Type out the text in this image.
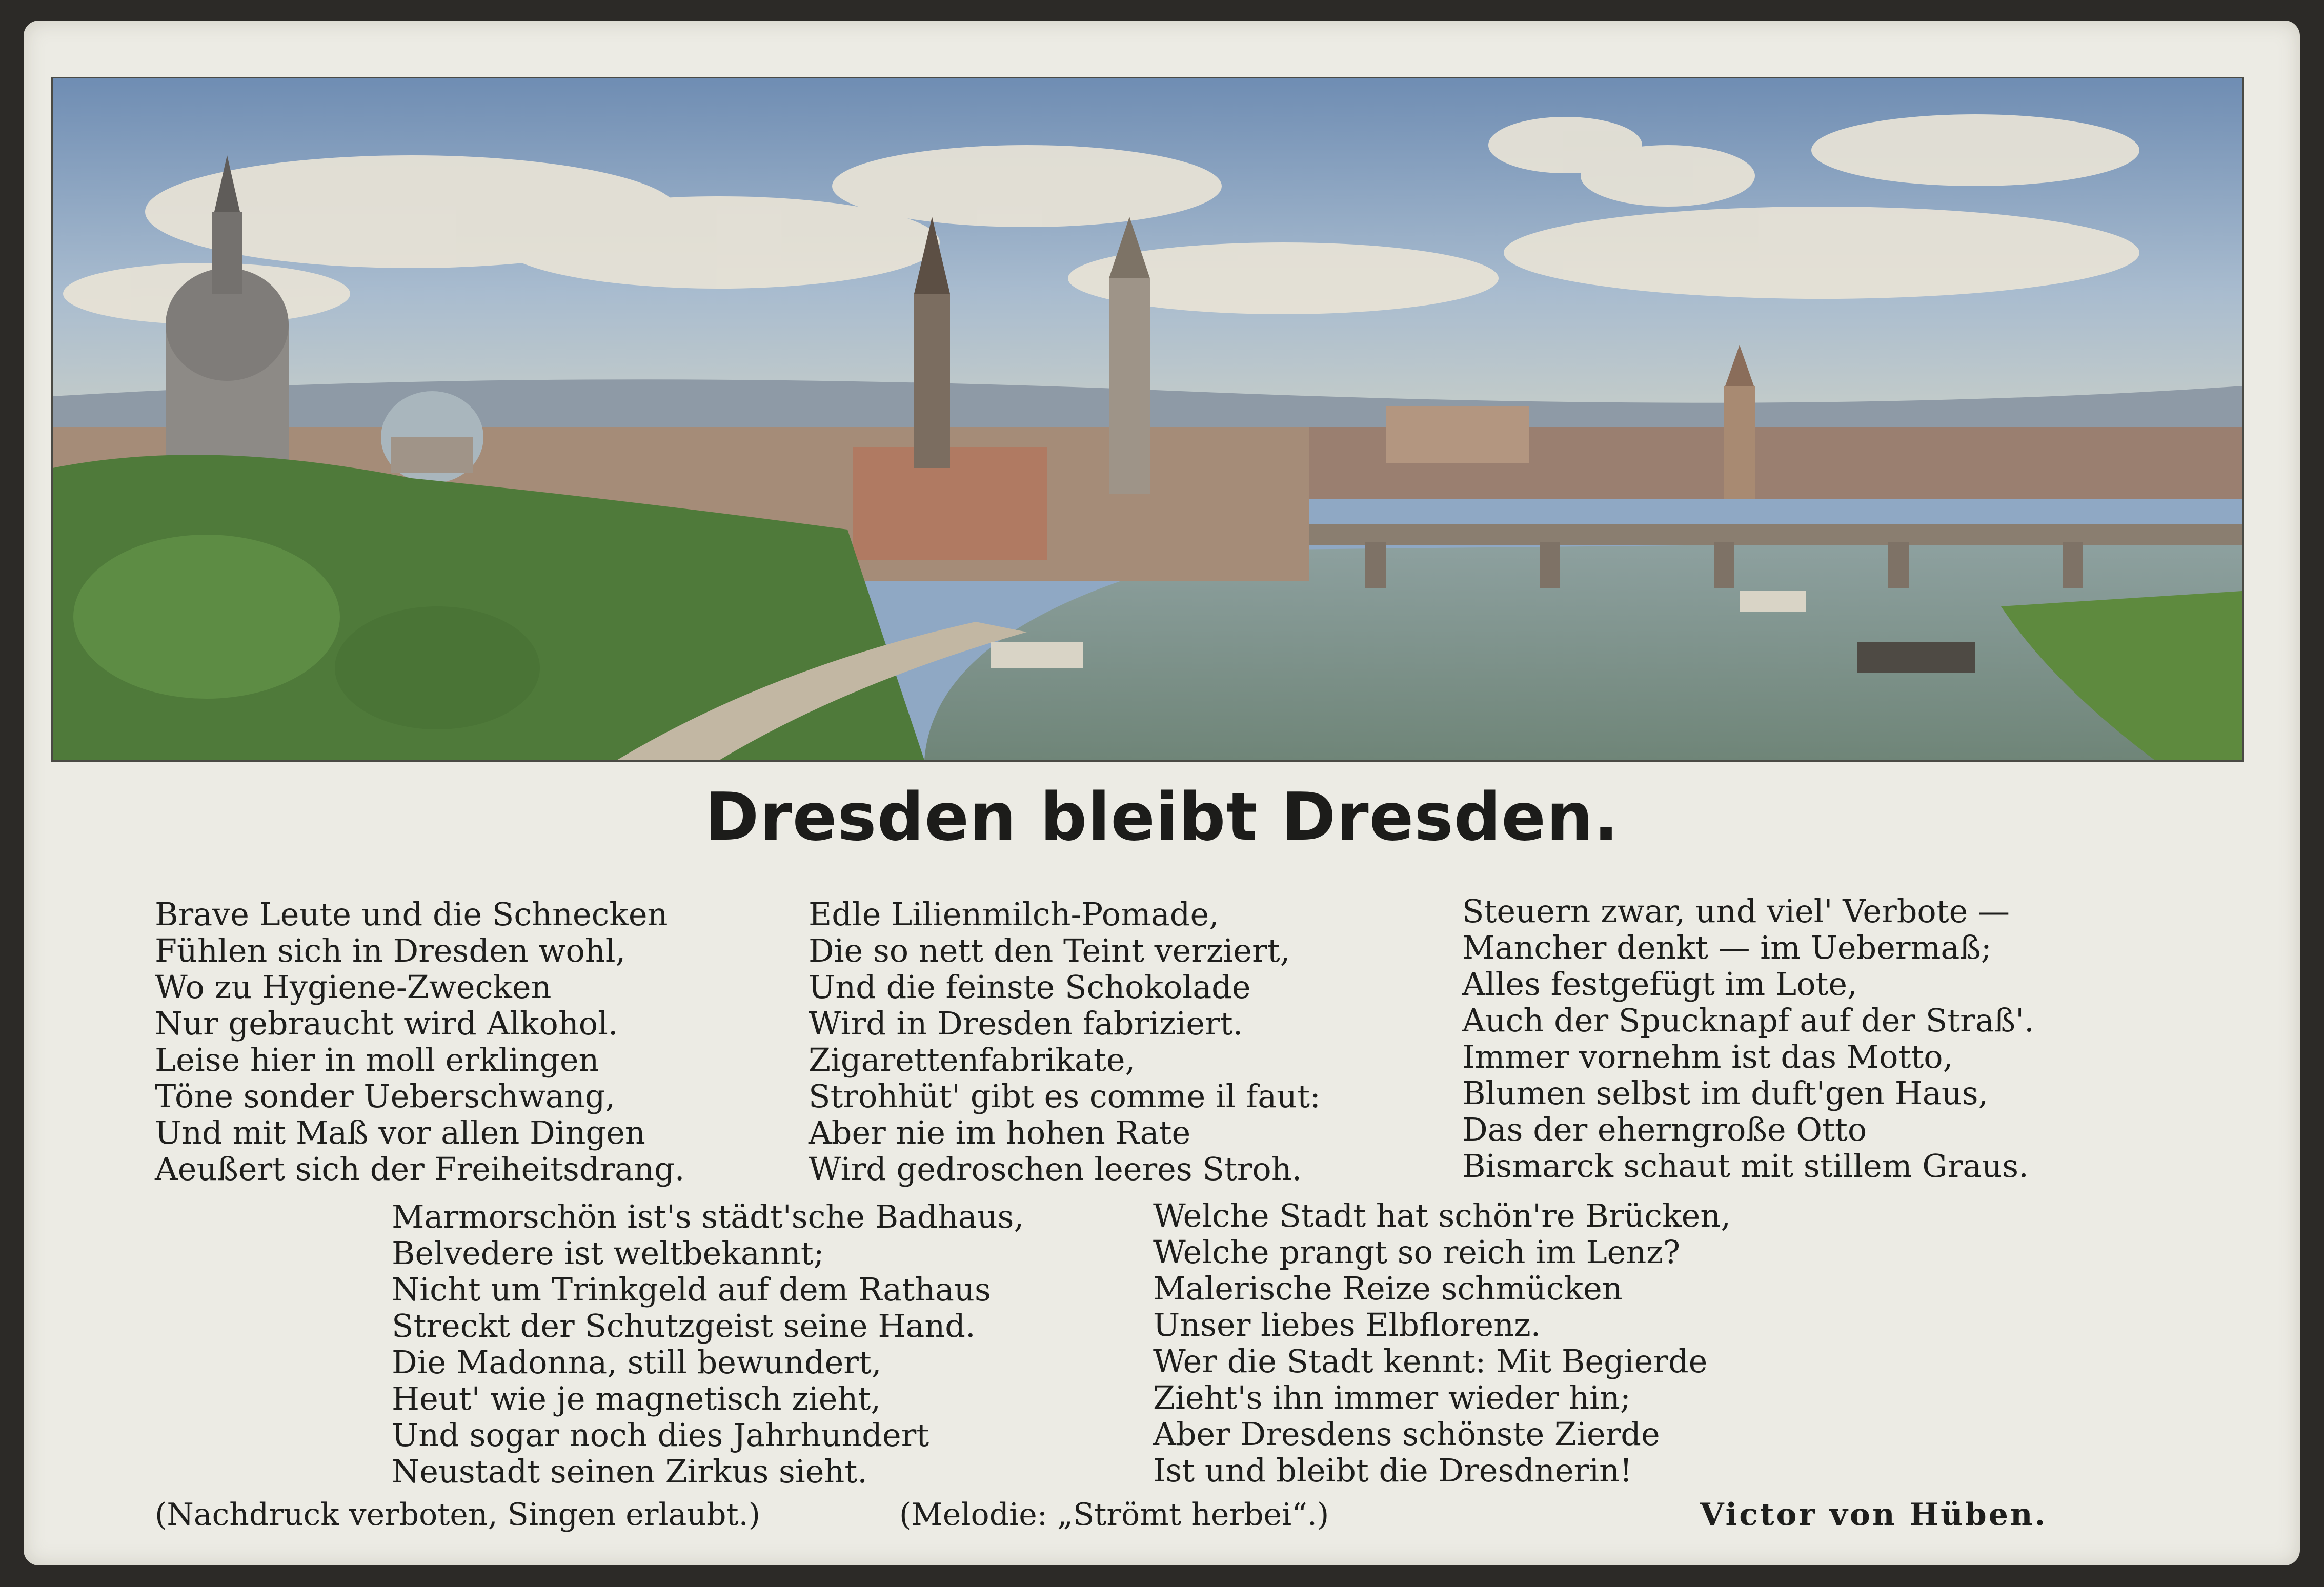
Dresden bleibt Dresden.
Brave Leute und die Schnecken
Fühlen sich in Dresden wohl,
Wo zu Hygiene-Zwecken
Nur gebraucht wird Alkohol.
Leise hier in moll erklingen
Töne sonder Ueberschwang,
Und mit Maß vor allen Dingen
Aeußert sich der Freiheitsdrang.
Edle Lilienmilch-Pomade,
Die so nett den Teint verziert,
Und die feinste Schokolade
Wird in Dresden fabriziert.
Zigarettenfabrikate,
Strohhüt' gibt es comme il faut:
Aber nie im hohen Rate
Wird gedroschen leeres Stroh.
Steuern zwar, und viel' Verbote —
Mancher denkt — im Uebermaß;
Alles festgefügt im Lote,
Auch der Spucknapf auf der Straß'.
Immer vornehm ist das Motto,
Blumen selbst im duft'gen Haus,
Das der eherngroße Otto
Bismarck schaut mit stillem Graus.
Marmorschön ist's städt'sche Badhaus,
Belvedere ist weltbekannt;
Nicht um Trinkgeld auf dem Rathaus
Streckt der Schutzgeist seine Hand.
Die Madonna, still bewundert,
Heut' wie je magnetisch zieht,
Und sogar noch dies Jahrhundert
Neustadt seinen Zirkus sieht.
Welche Stadt hat schön're Brücken,
Welche prangt so reich im Lenz?
Malerische Reize schmücken
Unser liebes Elbflorenz.
Wer die Stadt kennt: Mit Begierde
Zieht's ihn immer wieder hin;
Aber Dresdens schönste Zierde
Ist und bleibt die Dresdnerin!
(Nachdruck verboten, Singen erlaubt.)	(Melodie: „Strömt herbei“.)	Victor von Hüben.
